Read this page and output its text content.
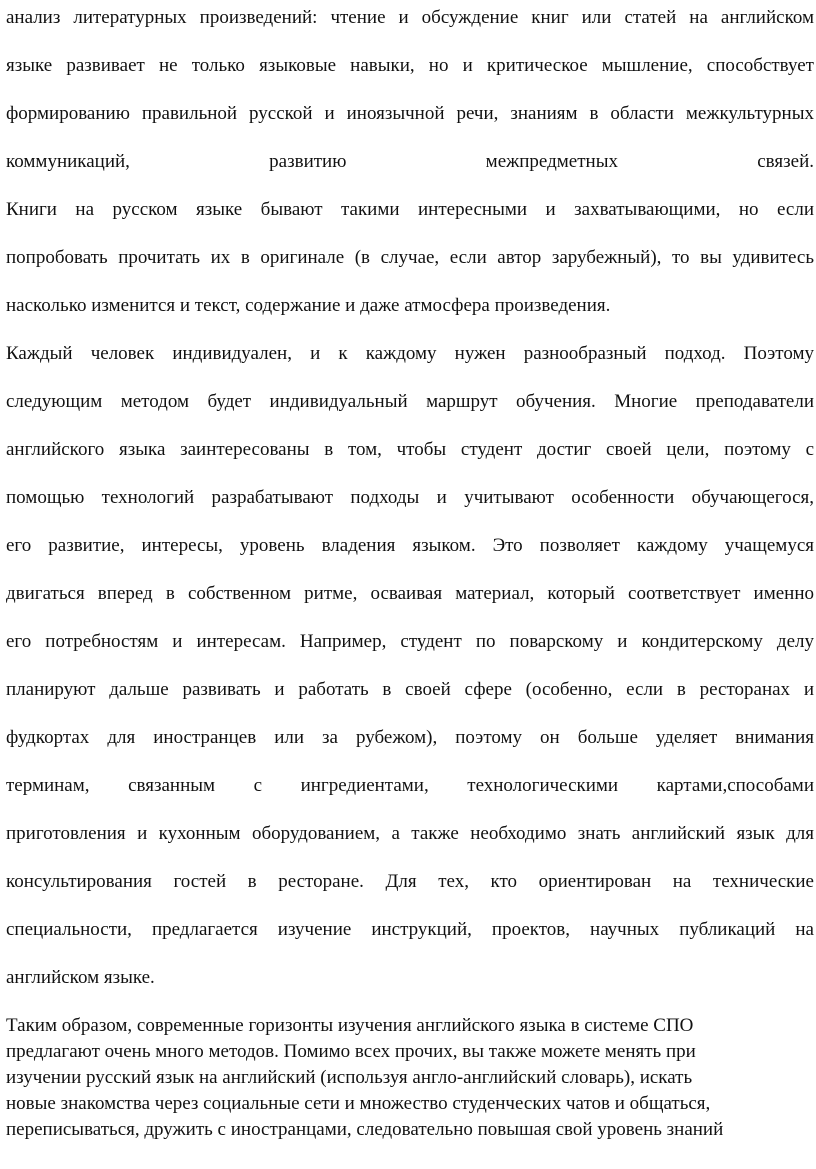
анализ литературных произведений: чтение и обсуждение книг или статей на английском
языке развивает не только языковые навыки, но и критическое мышление, способствует
формированию правильной русской и иноязычной речи, знаниям в области межкультурных
коммуникаций, развитию межпредметных связей.
Книги на русском языке бывают такими интересными и захватывающими, но если
попробовать прочитать их в оригинале (в случае, если автор зарубежный), то вы удивитесь
насколько изменится и текст, содержание и даже атмосфера произведения.
Каждый человек индивидуален, и к каждому нужен разнообразный подход. Поэтому
следующим методом будет индивидуальный маршрут обучения. Многие преподаватели
английского языка заинтересованы в том, чтобы студент достиг своей цели, поэтому с
помощью технологий разрабатывают подходы и учитывают особенности обучающегося,
его развитие, интересы, уровень владения языком. Это позволяет каждому учащемуся
двигаться вперед в собственном ритме, осваивая материал, который соответствует именно
его потребностям и интересам. Например, студент по поварскому и кондитерскому делу
планируют дальше развивать и работать в своей сфере (особенно, если в ресторанах и
фудкортах для иностранцев или за рубежом), поэтому он больше уделяет внимания
терминам, связанным с ингредиентами, технологическими картами,способами
приготовления и кухонным оборудованием, а также необходимо знать английский язык для
консультирования гостей в ресторане. Для тех, кто ориентирован на технические
специальности, предлагается изучение инструкций, проектов, научных публикаций на
английском языке.
Таким образом, современные горизонты изучения английского языка в системе СПО
предлагают очень много методов. Помимо всех прочих, вы также можете менять при
изучении русский язык на английский (используя англо-английский словарь), искать
новые знакомства через социальные сети и множество студенческих чатов и общаться,
переписываться, дружить с иностранцами, следовательно повышая свой уровень знаний
